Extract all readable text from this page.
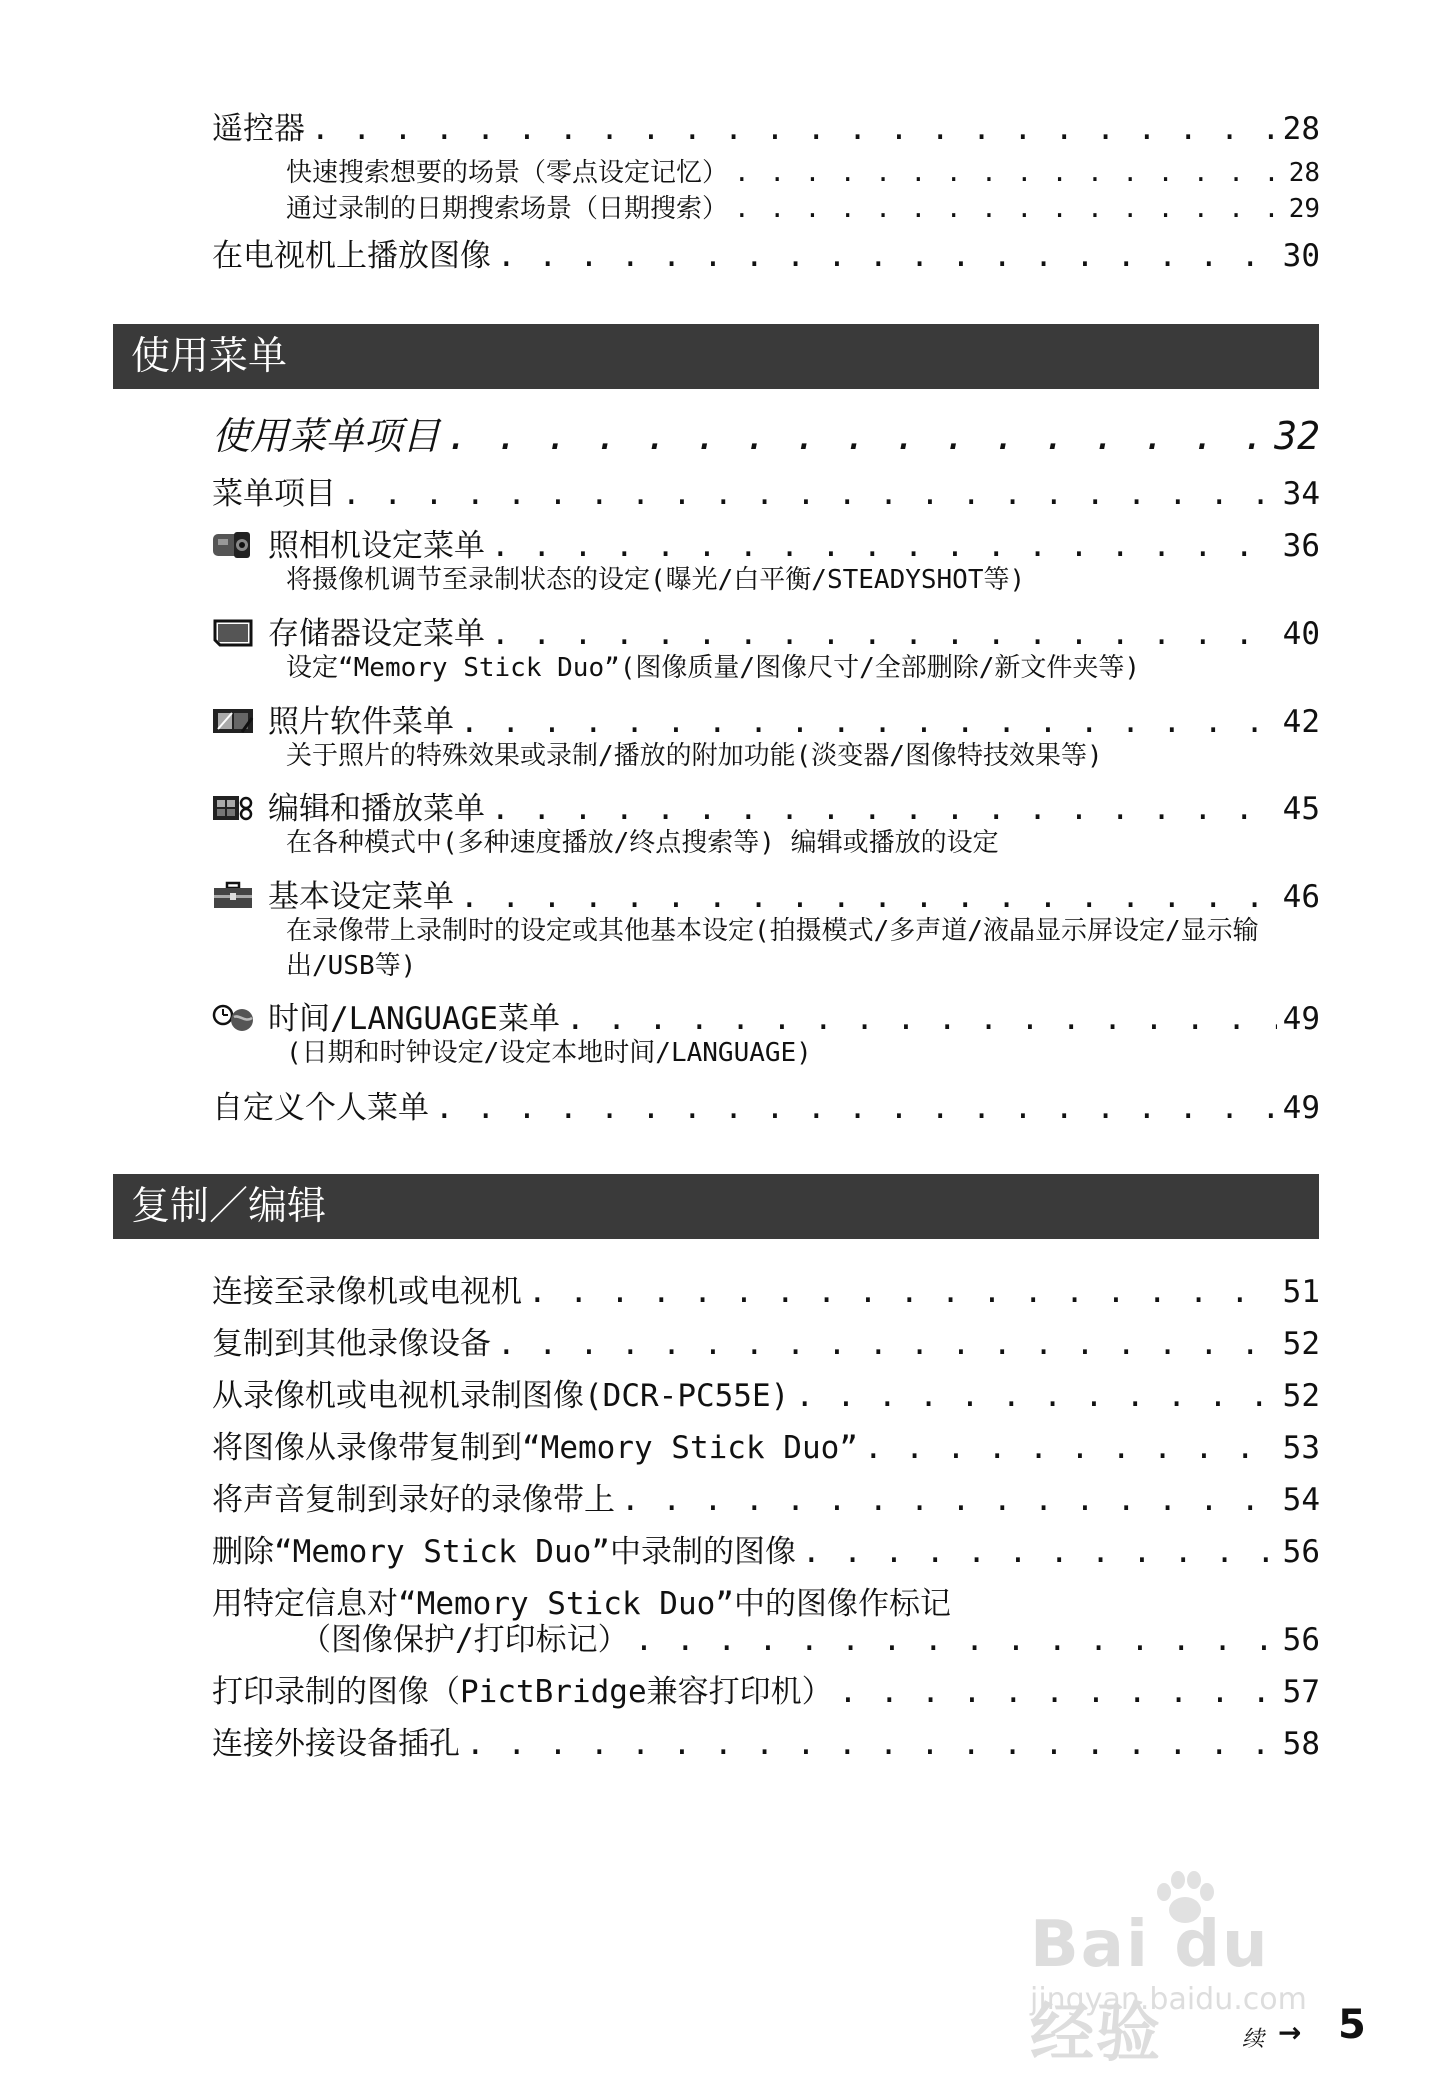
遥控器 . . .	28
快速搜索想要的场景（零点设定记忆） . . .	28
通过录制的日期搜索场景（日期搜索） . . .	29
在电视机上播放图像 . . .	30
使用菜单
使用菜单项目 . . .	32
菜单项目 . . .	34
照相机设定菜单 . . .	36
将摄像机调节至录制状态的设定(曝光/白平衡/STEADYSHOT等)
存储器设定菜单 . . .	40
设定“Memory Stick Duo”(图像质量/图像尺寸/全部删除/新文件夹等)
照片软件菜单 . . .	42
关于照片的特殊效果或录制/播放的附加功能(淡变器/图像特技效果等)
编辑和播放菜单 . . .	45
在各种模式中(多种速度播放/终点搜索等) 编辑或播放的设定
基本设定菜单 . . .	46
在录像带上录制时的设定或其他基本设定(拍摄模式/多声道/液晶显示屏设定/显示输出/USB等)
时间/LANGUAGE菜单 . . .	49
(日期和时钟设定/设定本地时间/LANGUAGE)
自定义个人菜单 . . .	49
复制／编辑
连接至录像机或电视机 . . .	51
复制到其他录像设备 . . .	52
从录像机或电视机录制图像(DCR-PC55E) . . .	52
将图像从录像带复制到“Memory Stick Duo” . . .	53
将声音复制到录好的录像带上 . . .	54
删除“Memory Stick Duo”中录制的图像 . . .	56
用特定信息对“Memory Stick Duo”中的图像作标记
（图像保护/打印标记） . . .	56
打印录制的图像（PictBridge兼容打印机） . . .	57
连接外接设备插孔 . . .	58
Bai du 经验
jingyan.baidu.com
续 → 5
